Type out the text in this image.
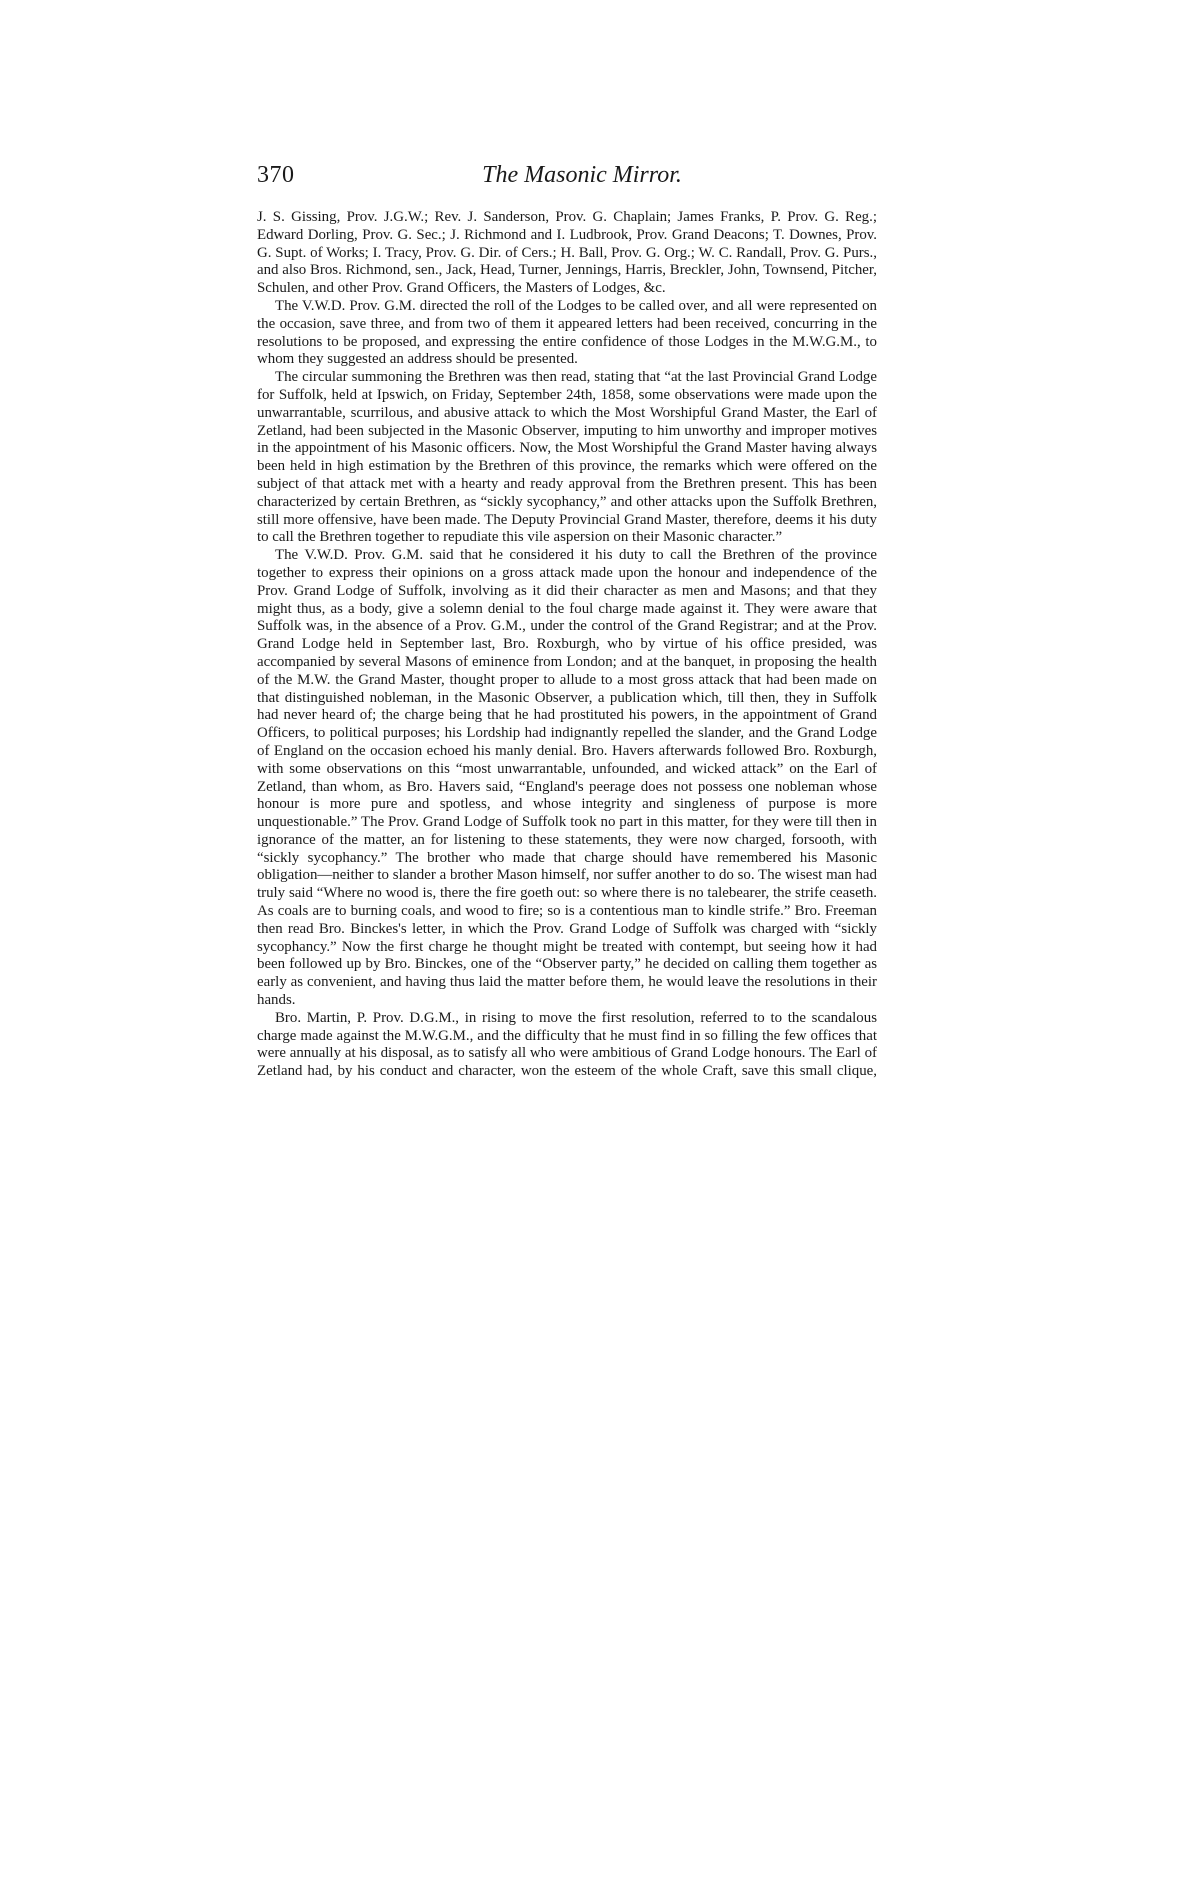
370	The Masonic Mirror.

J. S. Gissing, Prov. J.G.W.; Rev. J. Sanderson, Prov. G. Chaplain; James Franks, P. Prov. G. Reg.; Edward Dorling, Prov. G. Sec.; J. Richmond and I. Ludbrook, Prov. Grand Deacons; T. Downes, Prov. G. Supt. of Works; I. Tracy, Prov. G. Dir. of Cers.; H. Ball, Prov. G. Org.; W. C. Randall, Prov. G. Purs., and also Bros. Richmond, sen., Jack, Head, Turner, Jennings, Harris, Breckler, John, Townsend, Pitcher, Schulen, and other Prov. Grand Officers, the Masters of Lodges, &c.

The V.W.D. Prov. G.M. directed the roll of the Lodges to be called over, and all were represented on the occasion, save three, and from two of them it appeared letters had been received, concurring in the resolutions to be proposed, and expressing the entire confidence of those Lodges in the M.W.G.M., to whom they suggested an address should be presented.

The circular summoning the Brethren was then read, stating that “at the last Provincial Grand Lodge for Suffolk, held at Ipswich, on Friday, September 24th, 1858, some observations were made upon the unwarrantable, scurrilous, and abusive attack to which the Most Worshipful Grand Master, the Earl of Zetland, had been subjected in the Masonic Observer, imputing to him unworthy and improper motives in the appointment of his Masonic officers. Now, the Most Worshipful the Grand Master having always been held in high estimation by the Brethren of this province, the remarks which were offered on the subject of that attack met with a hearty and ready approval from the Brethren present. This has been characterized by certain Brethren, as “sickly sycophancy,” and other attacks upon the Suffolk Brethren, still more offensive, have been made. The Deputy Provincial Grand Master, therefore, deems it his duty to call the Brethren together to repudiate this vile aspersion on their Masonic character.”

The V.W.D. Prov. G.M. said that he considered it his duty to call the Brethren of the province together to express their opinions on a gross attack made upon the honour and independence of the Prov. Grand Lodge of Suffolk, involving as it did their character as men and Masons; and that they might thus, as a body, give a solemn denial to the foul charge made against it. They were aware that Suffolk was, in the absence of a Prov. G.M., under the control of the Grand Registrar; and at the Prov. Grand Lodge held in September last, Bro. Roxburgh, who by virtue of his office presided, was accompanied by several Masons of eminence from London; and at the banquet, in proposing the health of the M.W. the Grand Master, thought proper to allude to a most gross attack that had been made on that distinguished nobleman, in the Masonic Observer, a publication which, till then, they in Suffolk had never heard of; the charge being that he had prostituted his powers, in the appointment of Grand Officers, to political purposes; his Lordship had indignantly repelled the slander, and the Grand Lodge of England on the occasion echoed his manly denial. Bro. Havers afterwards followed Bro. Roxburgh, with some observations on this “most unwarrantable, unfounded, and wicked attack” on the Earl of Zetland, than whom, as Bro. Havers said, “England's peerage does not possess one nobleman whose honour is more pure and spotless, and whose integrity and singleness of purpose is more unquestionable.” The Prov. Grand Lodge of Suffolk took no part in this matter, for they were till then in ignorance of the matter, an for listening to these statements, they were now charged, forsooth, with “sickly sycophancy.” The brother who made that charge should have remembered his Masonic obligation—neither to slander a brother Mason himself, nor suffer another to do so. The wisest man had truly said “Where no wood is, there the fire goeth out: so where there is no talebearer, the strife ceaseth. As coals are to burning coals, and wood to fire; so is a contentious man to kindle strife.” Bro. Freeman then read Bro. Binckes's letter, in which the Prov. Grand Lodge of Suffolk was charged with “sickly sycophancy.” Now the first charge he thought might be treated with contempt, but seeing how it had been followed up by Bro. Binckes, one of the “Observer party,” he decided on calling them together as early as convenient, and having thus laid the matter before them, he would leave the resolutions in their hands.

Bro. Martin, P. Prov. D.G.M., in rising to move the first resolution, referred to to the scandalous charge made against the M.W.G.M., and the difficulty that he must find in so filling the few offices that were annually at his disposal, as to satisfy all who were ambitious of Grand Lodge honours. The Earl of Zetland had, by his conduct and character, won the esteem of the whole Craft, save this small clique,
